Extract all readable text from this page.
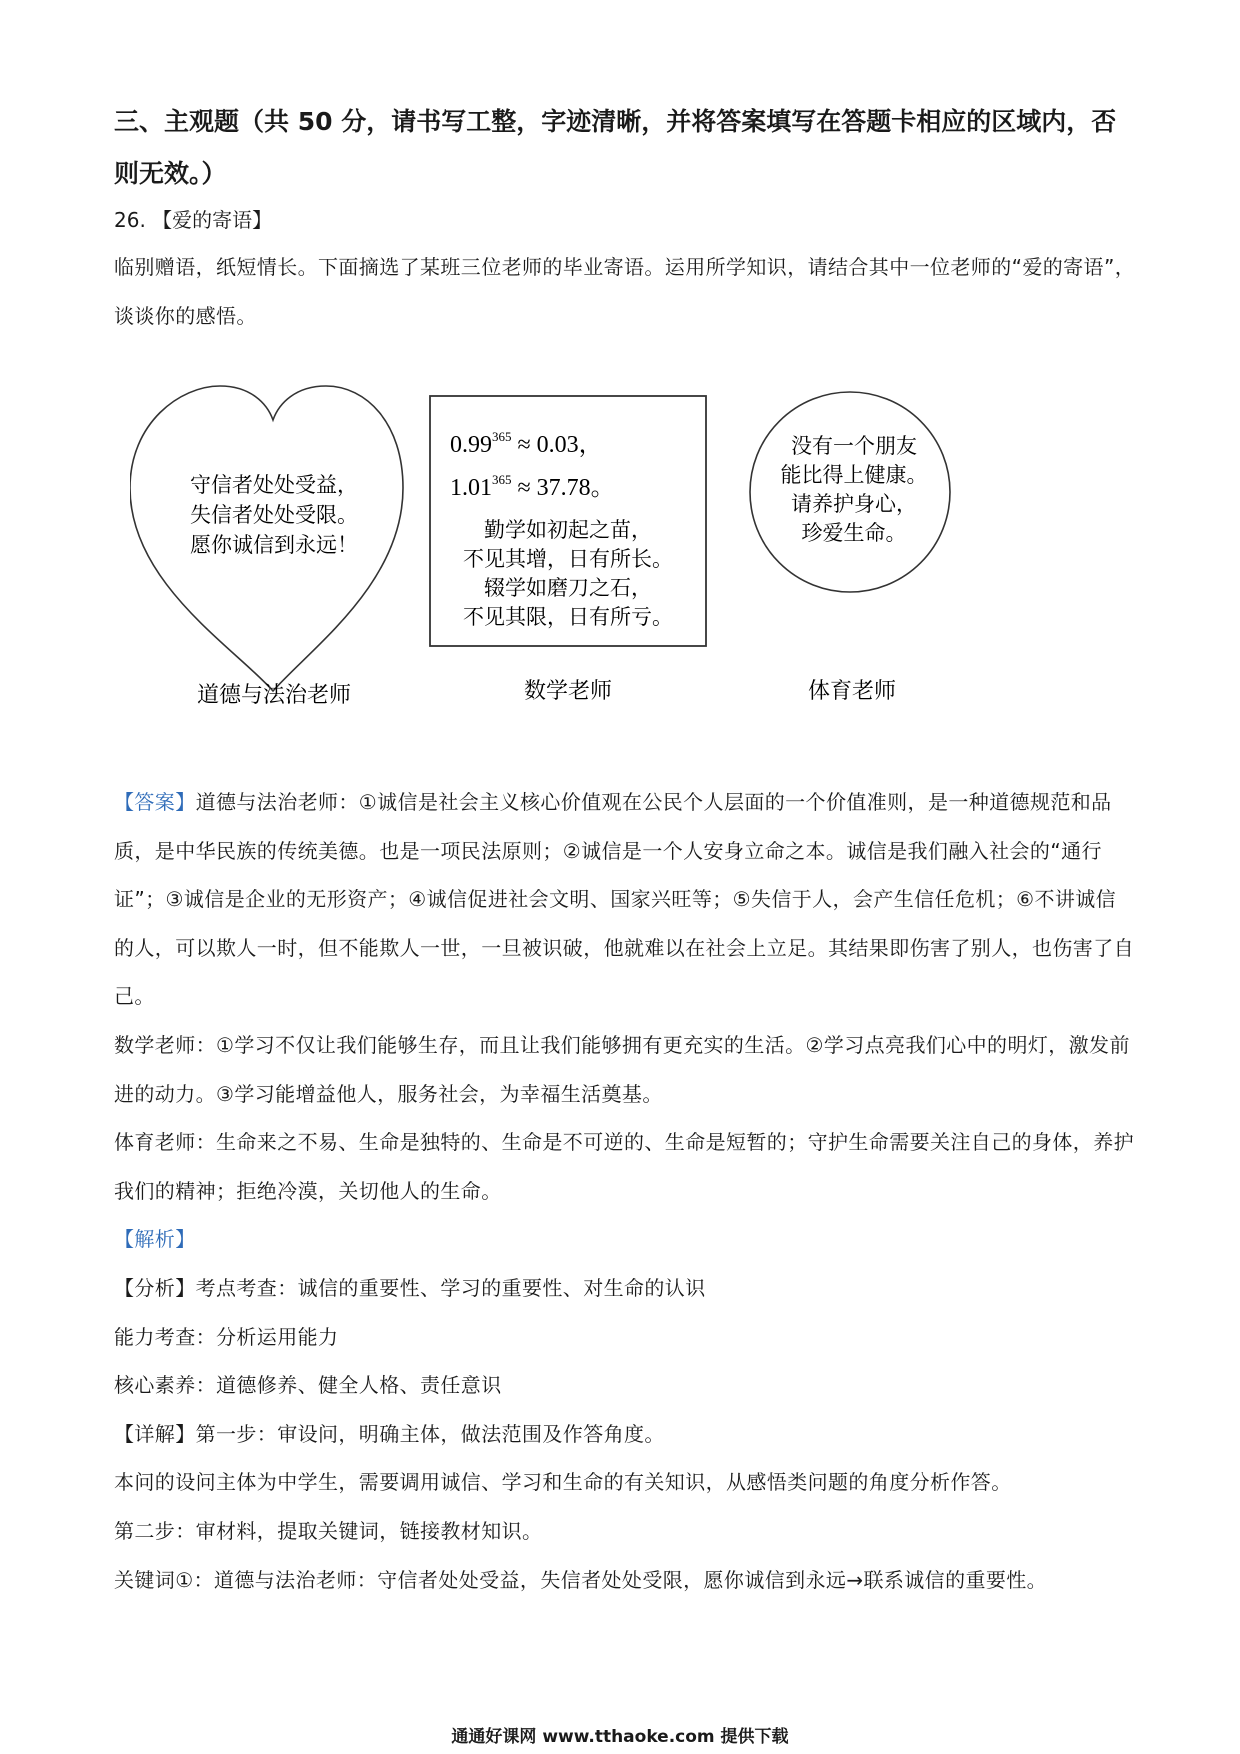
三、主观题（共 50 分，请书写工整，字迹清晰，并将答案填写在答题卡相应的区域内，否则无效。）
26. 【爱的寄语】
临别赠语，纸短情长。下面摘选了某班三位老师的毕业寄语。运用所学知识，请结合其中一位老师的“爱的寄语”，谈谈你的感悟。
守信者处处受益，
失信者处处受限。
愿你诚信到永远！
道德与法治老师
$0.99^{365} \approx 0.03$，
$1.01^{365} \approx 37.78$。
勤学如初起之苗，
不见其增，日有所长。
辍学如磨刀之石，
不见其限，日有所亏。
数学老师
没有一个朋友
能比得上健康。
请养护身心，
珍爱生命。
体育老师

【答案】道德与法治老师：①诚信是社会主义核心价值观在公民个人层面的一个价值准则，是一种道德规范和品质，是中华民族的传统美德。也是一项民法原则；②诚信是一个人安身立命之本。诚信是我们融入社会的“通行证”；③诚信是企业的无形资产；④诚信促进社会文明、国家兴旺等；⑤失信于人，会产生信任危机；⑥不讲诚信的人，可以欺人一时，但不能欺人一世，一旦被识破，他就难以在社会上立足。其结果即伤害了别人，也伤害了自己。

数学老师：①学习不仅让我们能够生存，而且让我们能够拥有更充实的生活。②学习点亮我们心中的明灯，激发前进的动力。③学习能增益他人，服务社会，为幸福生活奠基。

体育老师：生命来之不易、生命是独特的、生命是不可逆的、生命是短暂的；守护生命需要关注自己的身体，养护我们的精神；拒绝冷漠，关切他人的生命。

【解析】

【分析】考点考查：诚信的重要性、学习的重要性、对生命的认识

能力考查：分析运用能力

核心素养：道德修养、健全人格、责任意识

【详解】第一步：审设问，明确主体，做法范围及作答角度。

本问的设问主体为中学生，需要调用诚信、学习和生命的有关知识，从感悟类问题的角度分析作答。

第二步：审材料，提取关键词，链接教材知识。

关键词①：道德与法治老师：守信者处处受益，失信者处处受限，愿你诚信到永远→联系诚信的重要性。

通通好课网 www.tthaoke.com 提供下载
